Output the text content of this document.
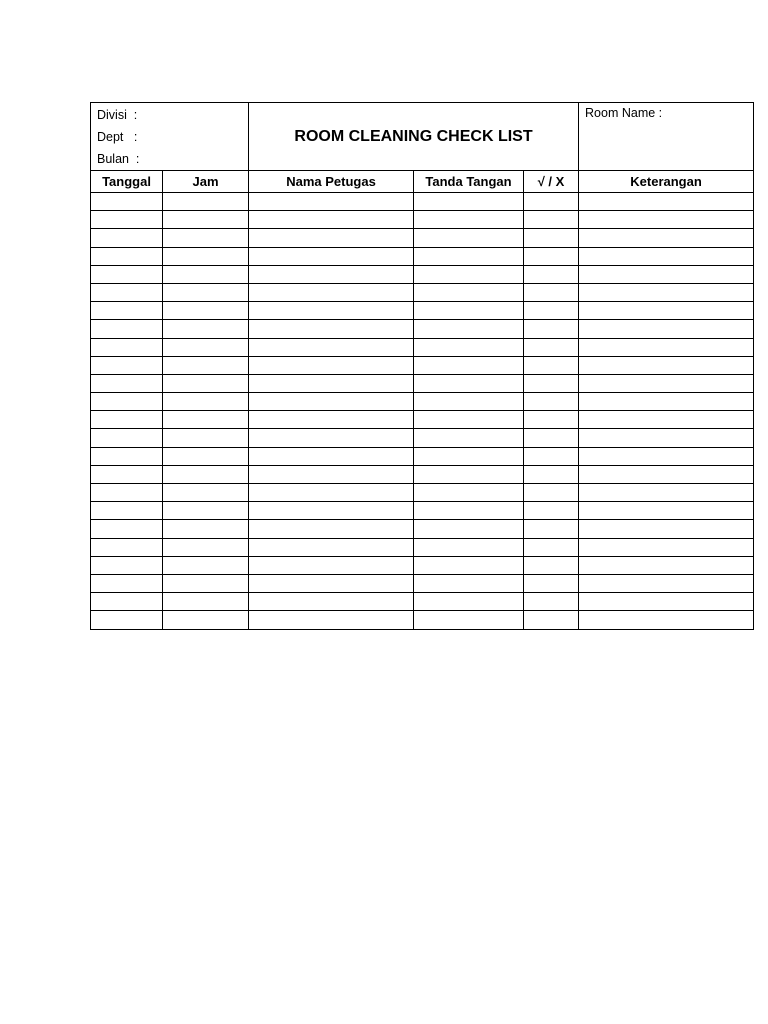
Divisi  :
Dept   :
Bulan  :		ROOM CLEANING CHECK LIST			Room Name :

Tanggal	Jam	Nama Petugas	Tanda Tangan	√ / X	Keterangan
